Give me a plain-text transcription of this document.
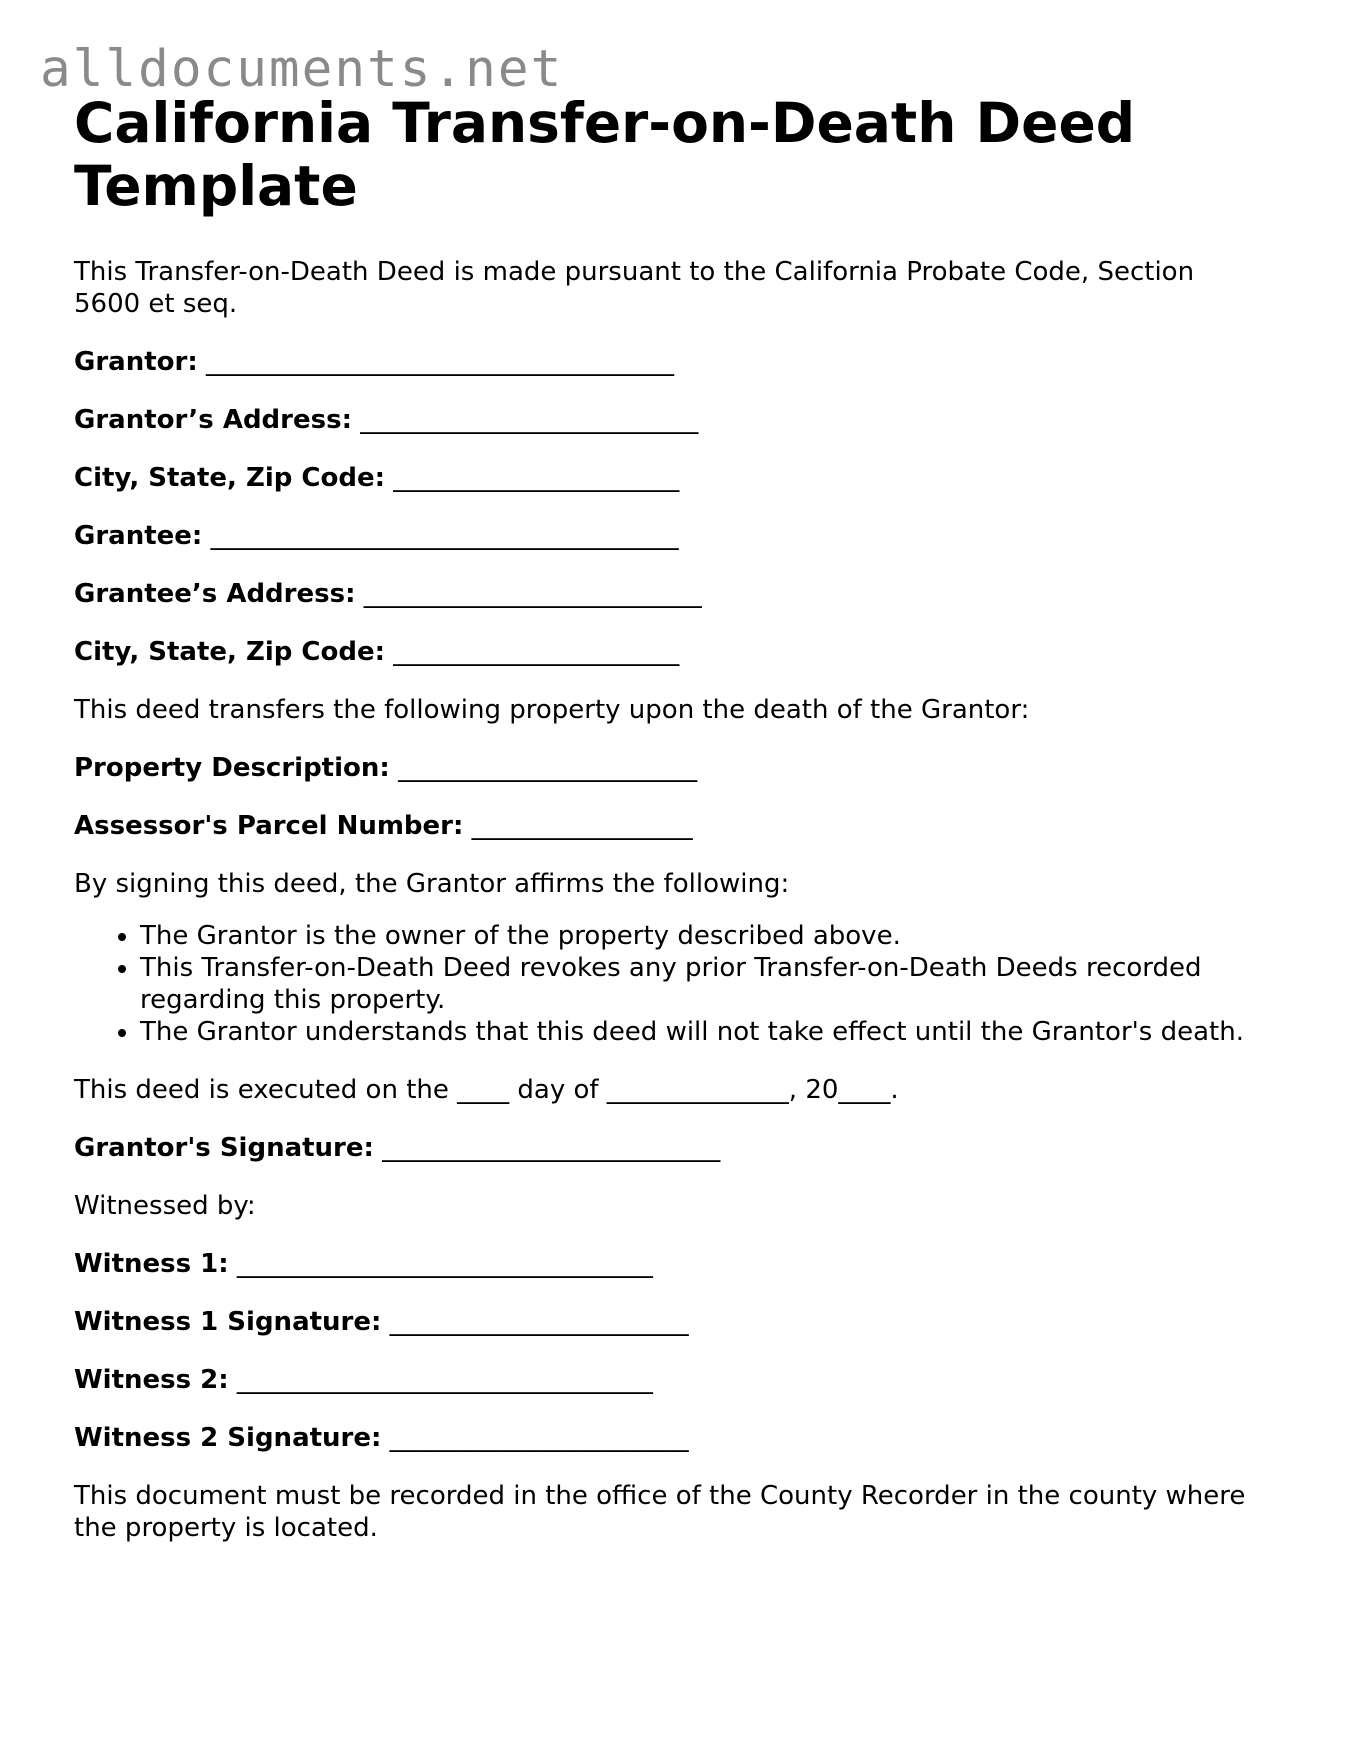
alldocuments.net
California Transfer-on-Death Deed Template

This Transfer-on-Death Deed is made pursuant to the California Probate Code, Section 5600 et seq.

Grantor: ____________________________________

Grantor’s Address: __________________________

City, State, Zip Code: ______________________

Grantee: ____________________________________

Grantee’s Address: __________________________

City, State, Zip Code: ______________________

This deed transfers the following property upon the death of the Grantor:

Property Description: _______________________

Assessor's Parcel Number: _________________

By signing this deed, the Grantor affirms the following:

• The Grantor is the owner of the property described above.
• This Transfer-on-Death Deed revokes any prior Transfer-on-Death Deeds recorded regarding this property.
• The Grantor understands that this deed will not take effect until the Grantor's death.

This deed is executed on the ____ day of ______________, 20____.

Grantor's Signature: __________________________

Witnessed by:

Witness 1: ________________________________

Witness 1 Signature: _______________________

Witness 2: ________________________________

Witness 2 Signature: _______________________

This document must be recorded in the office of the County Recorder in the county where the property is located.
